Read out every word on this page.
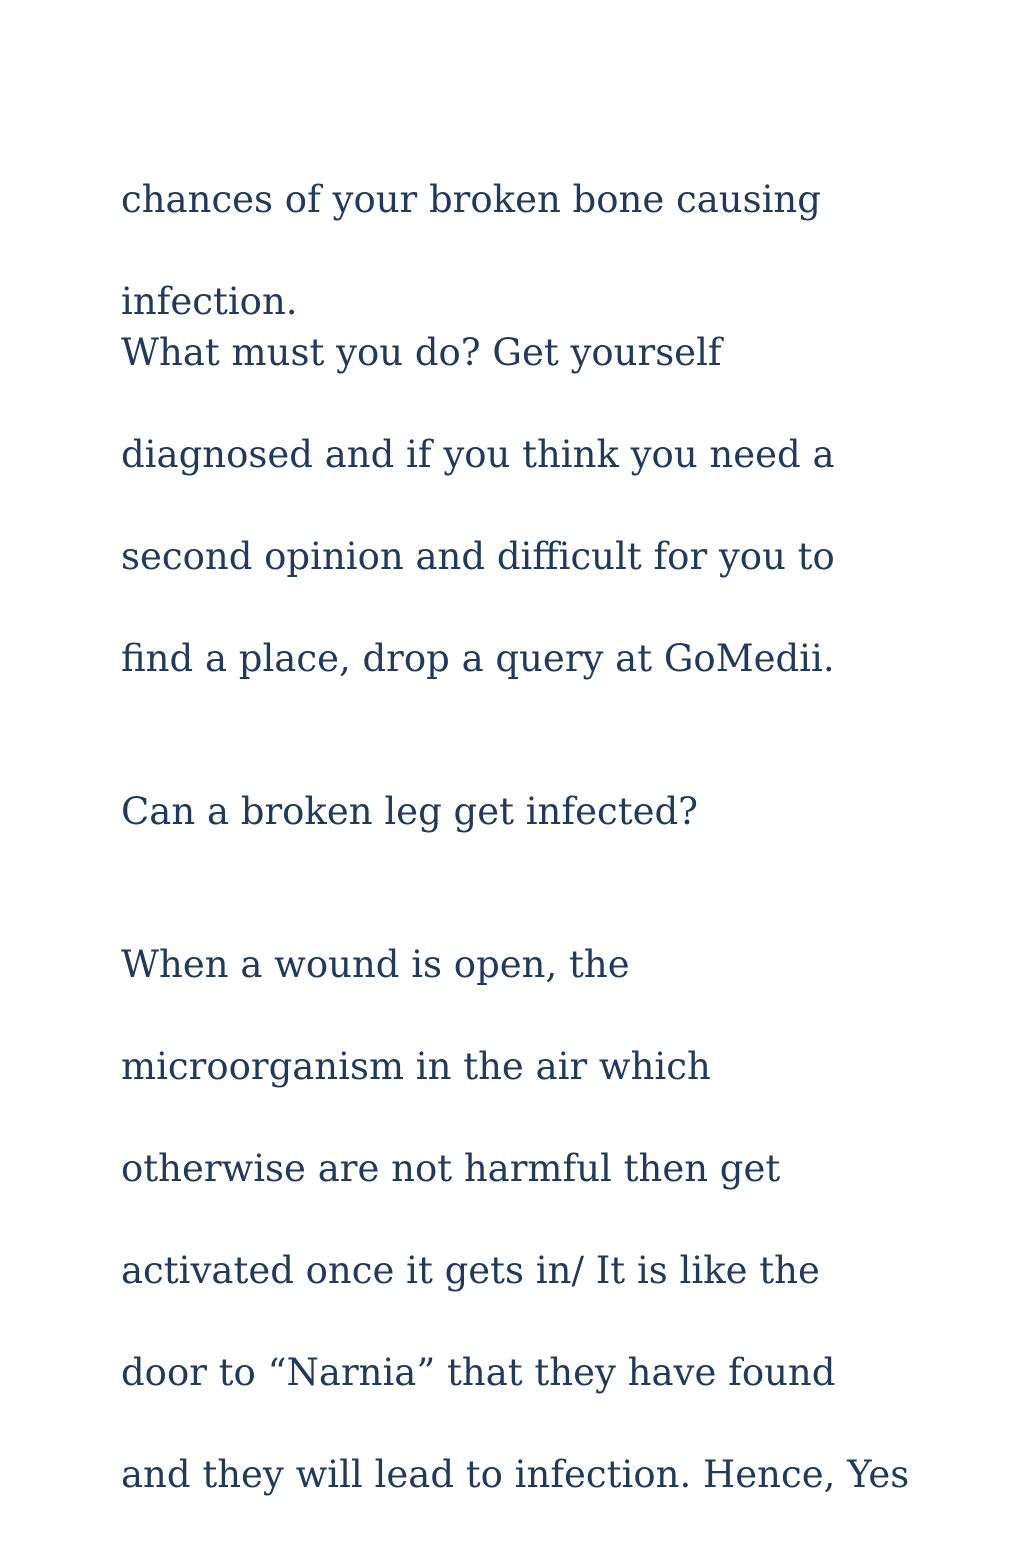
chances of your broken bone causing

infection.

What must you do? Get yourself

diagnosed and if you think you need a

second opinion and difficult for you to

find a place, drop a query at GoMedii.

Can a broken leg get infected?

When a wound is open, the

microorganism in the air which

otherwise are not harmful then get

activated once it gets in/ It is like the

door to “Narnia” that they have found

and they will lead to infection. Hence, Yes
